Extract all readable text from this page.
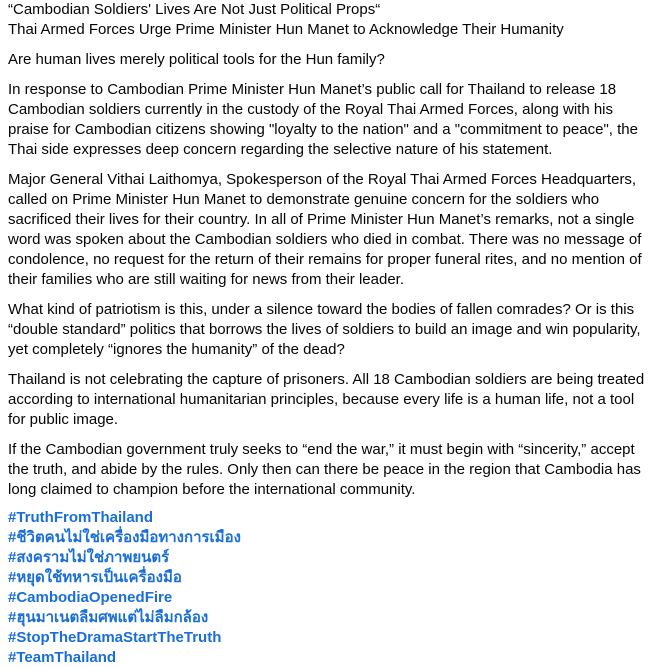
“Cambodian Soldiers' Lives Are Not Just Political Props“

Thai Armed Forces Urge Prime Minister Hun Manet to Acknowledge Their Humanity

Are human lives merely political tools for the Hun family?

In response to Cambodian Prime Minister Hun Manet’s public call for Thailand to release 18 Cambodian soldiers currently in the custody of the Royal Thai Armed Forces, along with his praise for Cambodian citizens showing "loyalty to the nation" and a "commitment to peace", the Thai side expresses deep concern regarding the selective nature of his statement.

Major General Vithai Laithomya, Spokesperson of the Royal Thai Armed Forces Headquarters, called on Prime Minister Hun Manet to demonstrate genuine concern for the soldiers who sacrificed their lives for their country. In all of Prime Minister Hun Manet’s remarks, not a single word was spoken about the Cambodian soldiers who died in combat. There was no message of condolence, no request for the return of their remains for proper funeral rites, and no mention of their families who are still waiting for news from their leader.

What kind of patriotism is this, under a silence toward the bodies of fallen comrades? Or is this “double standard” politics that borrows the lives of soldiers to build an image and win popularity, yet completely “ignores the humanity” of the dead?

Thailand is not celebrating the capture of prisoners. All 18 Cambodian soldiers are being treated according to international humanitarian principles, because every life is a human life, not a tool for public image.

If the Cambodian government truly seeks to “end the war,” it must begin with “sincerity,” accept the truth, and abide by the rules. Only then can there be peace in the region that Cambodia has long claimed to champion before the international community.

#TruthFromThailand
#ชีวิตคนไม่ใช่เครื่องมือทางการเมือง
#สงครามไม่ใช่ภาพยนตร์
#หยุดใช้ทหารเป็นเครื่องมือ
#CambodiaOpenedFire
#ฮุนมาเนตลืมศพแต่ไม่ลืมกล้อง
#StopTheDramaStartTheTruth
#TeamThailand
